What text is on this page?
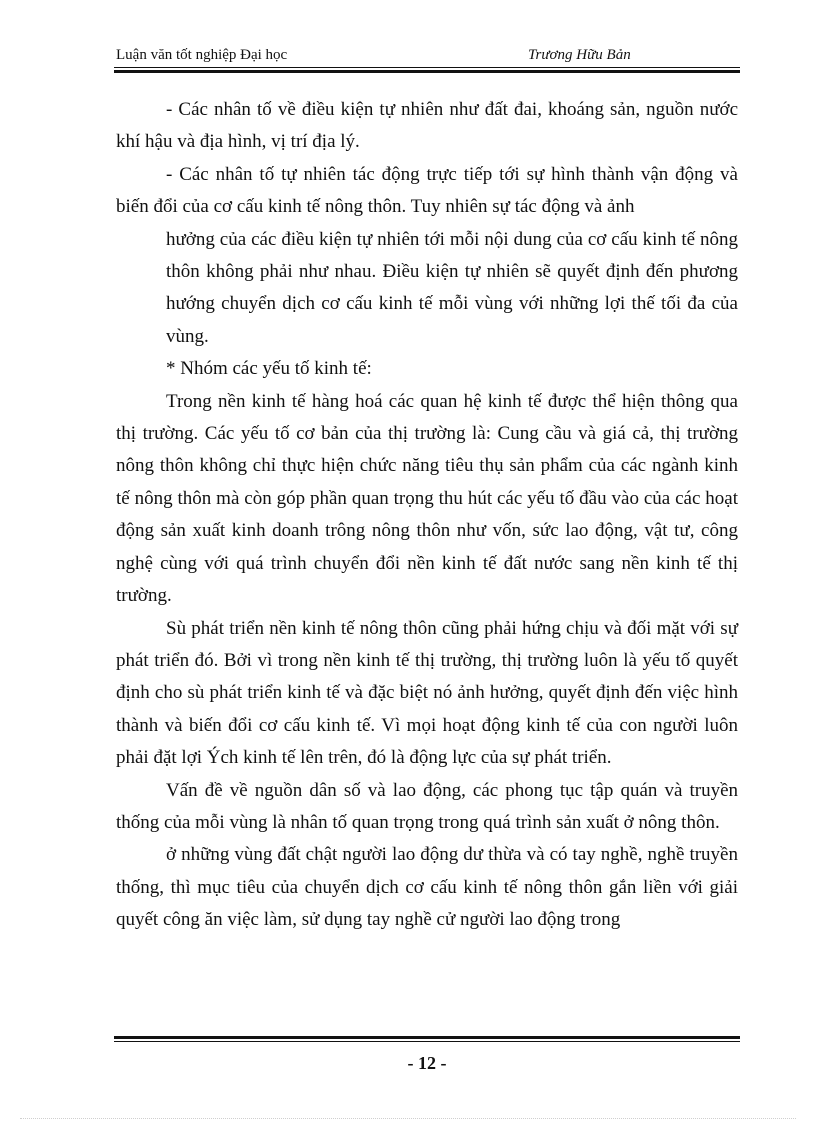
Luận văn tốt nghiệp Đại học	Trương Hữu Bản

- Các nhân tố về điều kiện tự nhiên như đất đai, khoáng sản, nguồn nước khí hậu và địa hình, vị trí địa lý.

- Các nhân tố tự nhiên tác động trực tiếp tới sự hình thành vận động và biến đổi của cơ cấu kinh tế nông thôn. Tuy nhiên sự tác động và ảnh

hưởng của các điều kiện tự nhiên tới mỗi nội dung của cơ cấu kinh tế nông thôn không phải như nhau. Điều kiện tự nhiên sẽ quyết định đến phương hướng chuyển dịch cơ cấu kinh tế mỗi vùng với những lợi thế tối đa của vùng.

* Nhóm các yếu tố kinh tế:

Trong nền kinh tế hàng hoá các quan hệ kinh tế được thể hiện thông qua thị trường. Các yếu tố cơ bản của thị trường là: Cung cầu và giá cả, thị trường nông thôn không chỉ thực hiện chức năng tiêu thụ sản phẩm của các ngành kinh tế nông thôn mà còn góp phần quan trọng thu hút các yếu tố đầu vào của các hoạt động sản xuất kinh doanh trông nông thôn như vốn, sức lao động, vật tư, công nghệ cùng với quá trình chuyển đổi nền kinh tế đất nước sang nền kinh tế thị trường.

Sù phát triển nền kinh tế nông thôn cũng phải hứng chịu và đối mặt với sự phát triển đó. Bởi vì trong nền kinh tế thị trường, thị trường luôn là yếu tố quyết định cho sù phát triển kinh tế và đặc biệt nó ảnh hưởng, quyết định đến việc hình thành và biến đổi cơ cấu kinh tế. Vì mọi hoạt động kinh tế của con người luôn phải đặt lợi Ých kinh tế lên trên, đó là động lực của sự phát triển.

Vấn đề về nguồn dân số và lao động, các phong tục tập quán và truyền thống của mỗi vùng là nhân tố quan trọng trong quá trình sản xuất ở nông thôn.

ở những vùng đất chật người lao động dư thừa và có tay nghề, nghề truyền thống, thì mục tiêu của chuyển dịch cơ cấu kinh tế nông thôn gắn liền với giải quyết công ăn việc làm, sử dụng tay nghề cử người lao động trong

- 12 -
